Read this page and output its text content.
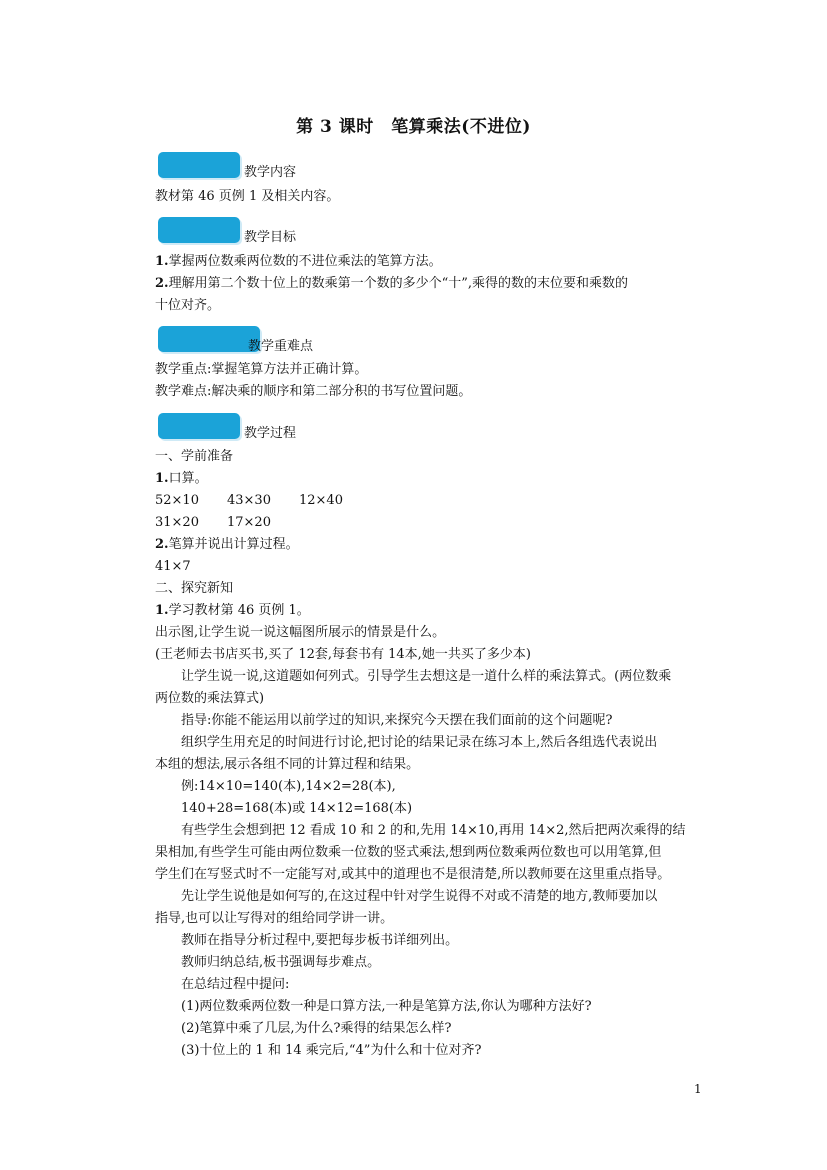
第 3 课时　笔算乘法(不进位)
教学内容
教材第 46 页例 1 及相关内容。
教学目标
1.掌握两位数乘两位数的不进位乘法的笔算方法。
2.理解用第二个数十位上的数乘第一个数的多少个“十”,乘得的数的末位要和乘数的
十位对齐。
教学重难点
教学重点:掌握笔算方法并正确计算。
教学难点:解决乘的顺序和第二部分积的书写位置问题。
教学过程
一、学前准备
1.口算。
52×10 43×30 12×40
31×20 17×20
2.笔算并说出计算过程。
41×7
二、探究新知
1.学习教材第 46 页例 1。
出示图,让学生说一说这幅图所展示的情景是什么。
(王老师去书店买书,买了 12套,每套书有 14本,她一共买了多少本)
让学生说一说,这道题如何列式。引导学生去想这是一道什么样的乘法算式。(两位数乘
两位数的乘法算式)
指导:你能不能运用以前学过的知识,来探究今天摆在我们面前的这个问题呢?
组织学生用充足的时间进行讨论,把讨论的结果记录在练习本上,然后各组选代表说出
本组的想法,展示各组不同的计算过程和结果。
例:14×10=140(本),14×2=28(本),
140+28=168(本)或 14×12=168(本)
有些学生会想到把 12 看成 10 和 2 的和,先用 14×10,再用 14×2,然后把两次乘得的结
果相加,有些学生可能由两位数乘一位数的竖式乘法,想到两位数乘两位数也可以用笔算,但
学生们在写竖式时不一定能写对,或其中的道理也不是很清楚,所以教师要在这里重点指导。
先让学生说他是如何写的,在这过程中针对学生说得不对或不清楚的地方,教师要加以
指导,也可以让写得对的组给同学讲一讲。
教师在指导分析过程中,要把每步板书详细列出。
教师归纳总结,板书强调每步难点。
在总结过程中提问:
(1)两位数乘两位数一种是口算方法,一种是笔算方法,你认为哪种方法好?
(2)笔算中乘了几层,为什么?乘得的结果怎么样?
(3)十位上的 1 和 14 乘完后,“4”为什么和十位对齐?
1
